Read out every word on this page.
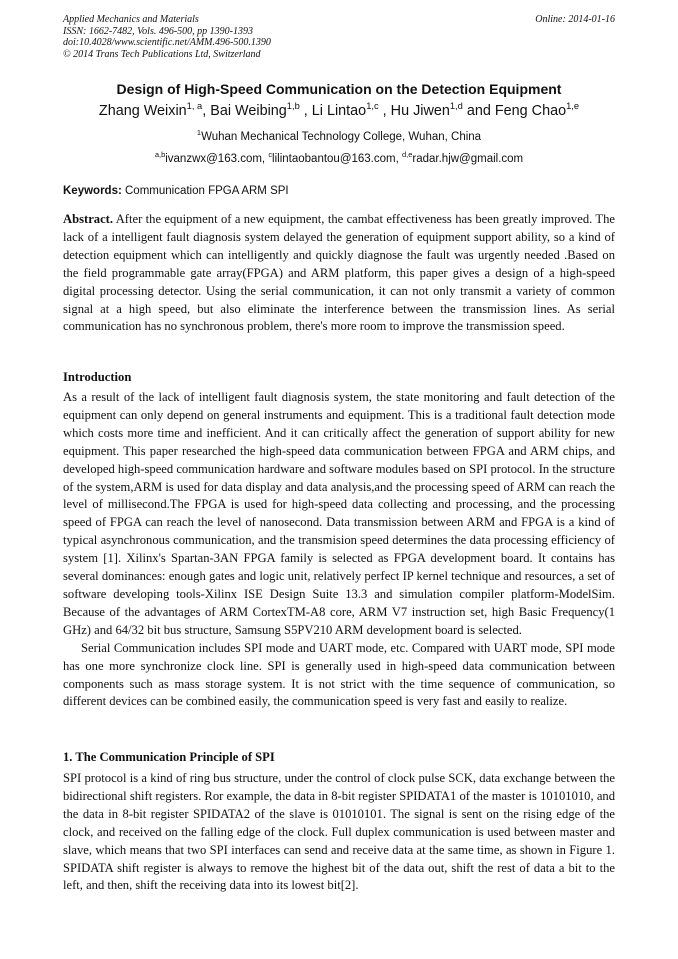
Applied Mechanics and Materials
ISSN: 1662-7482, Vols. 496-500, pp 1390-1393
doi:10.4028/www.scientific.net/AMM.496-500.1390
© 2014 Trans Tech Publications Ltd, Switzerland
Online: 2014-01-16
Design of High-Speed Communication on the Detection Equipment
Zhang Weixin$^{1, a}$, Bai Weibing$^{1,b}$ , Li Lintao$^{1,c}$ , Hu Jiwen$^{1,d}$ and Feng Chao$^{1,e}$
$^1$Wuhan Mechanical Technology College, Wuhan, China
$^{a,b}$ivanzwx@163.com, $^c$lilintaobantou@163.com, $^{d,e}$radar.hjw@gmail.com
Keywords: Communication FPGA ARM SPI
Abstract. After the equipment of a new equipment, the cambat effectiveness has been greatly improved. The lack of a intelligent fault diagnosis system delayed the generation of equipment support ability, so a kind of detection equipment which can intelligently and quickly diagnose the fault was urgently needed .Based on the field programmable gate array(FPGA) and ARM platform, this paper gives a design of a high-speed digital processing detector. Using the serial communication, it can not only transmit a variety of common signal at a high speed, but also eliminate the interference between the transmission lines. As serial communication has no synchronous problem, there's more room to improve the transmission speed.
Introduction
As a result of the lack of intelligent fault diagnosis system, the state monitoring and fault detection of the equipment can only depend on general instruments and equipment. This is a traditional fault detection mode which costs more time and inefficient. And it can critically affect the generation of support ability for new equipment. This paper researched the high-speed data communication between FPGA and ARM chips, and developed high-speed communication hardware and software modules based on SPI protocol. In the structure of the system,ARM is used for data display and data analysis,and the processing speed of ARM can reach the level of millisecond.The FPGA is used for high-speed data collecting and processing, and the processing speed of FPGA can reach the level of nanosecond. Data transmission between ARM and FPGA is a kind of typical asynchronous communication, and the transmision speed determines the data processing efficiency of system [1]. Xilinx's Spartan-3AN FPGA family is selected as FPGA development board. It contains has several dominances: enough gates and logic unit, relatively perfect IP kernel technique and resources, a set of software developing tools-Xilinx ISE Design Suite 13.3 and simulation compiler platform-ModelSim. Because of the advantages of ARM CortexTM-A8 core, ARM V7 instruction set, high Basic Frequency(1 GHz) and 64/32 bit bus structure, Samsung S5PV210 ARM development board is selected.
Serial Communication includes SPI mode and UART mode, etc. Compared with UART mode, SPI mode has one more synchronize clock line. SPI is generally used in high-speed data communication between components such as mass storage system. It is not strict with the time sequence of communication, so different devices can be combined easily, the communication speed is very fast and easily to realize.
1. The Communication Principle of SPI
SPI protocol is a kind of ring bus structure, under the control of clock pulse SCK, data exchange between the bidirectional shift registers. Ror example, the data in 8-bit register SPIDATA1 of the master is 10101010, and the data in 8-bit register SPIDATA2 of the slave is 01010101. The signal is sent on the rising edge of the clock, and received on the falling edge of the clock. Full duplex communication is used between master and slave, which means that two SPI interfaces can send and receive data at the same time, as shown in Figure 1. SPIDATA shift register is always to remove the highest bit of the data out, shift the rest of data a bit to the left, and then, shift the receiving data into its lowest bit[2].
